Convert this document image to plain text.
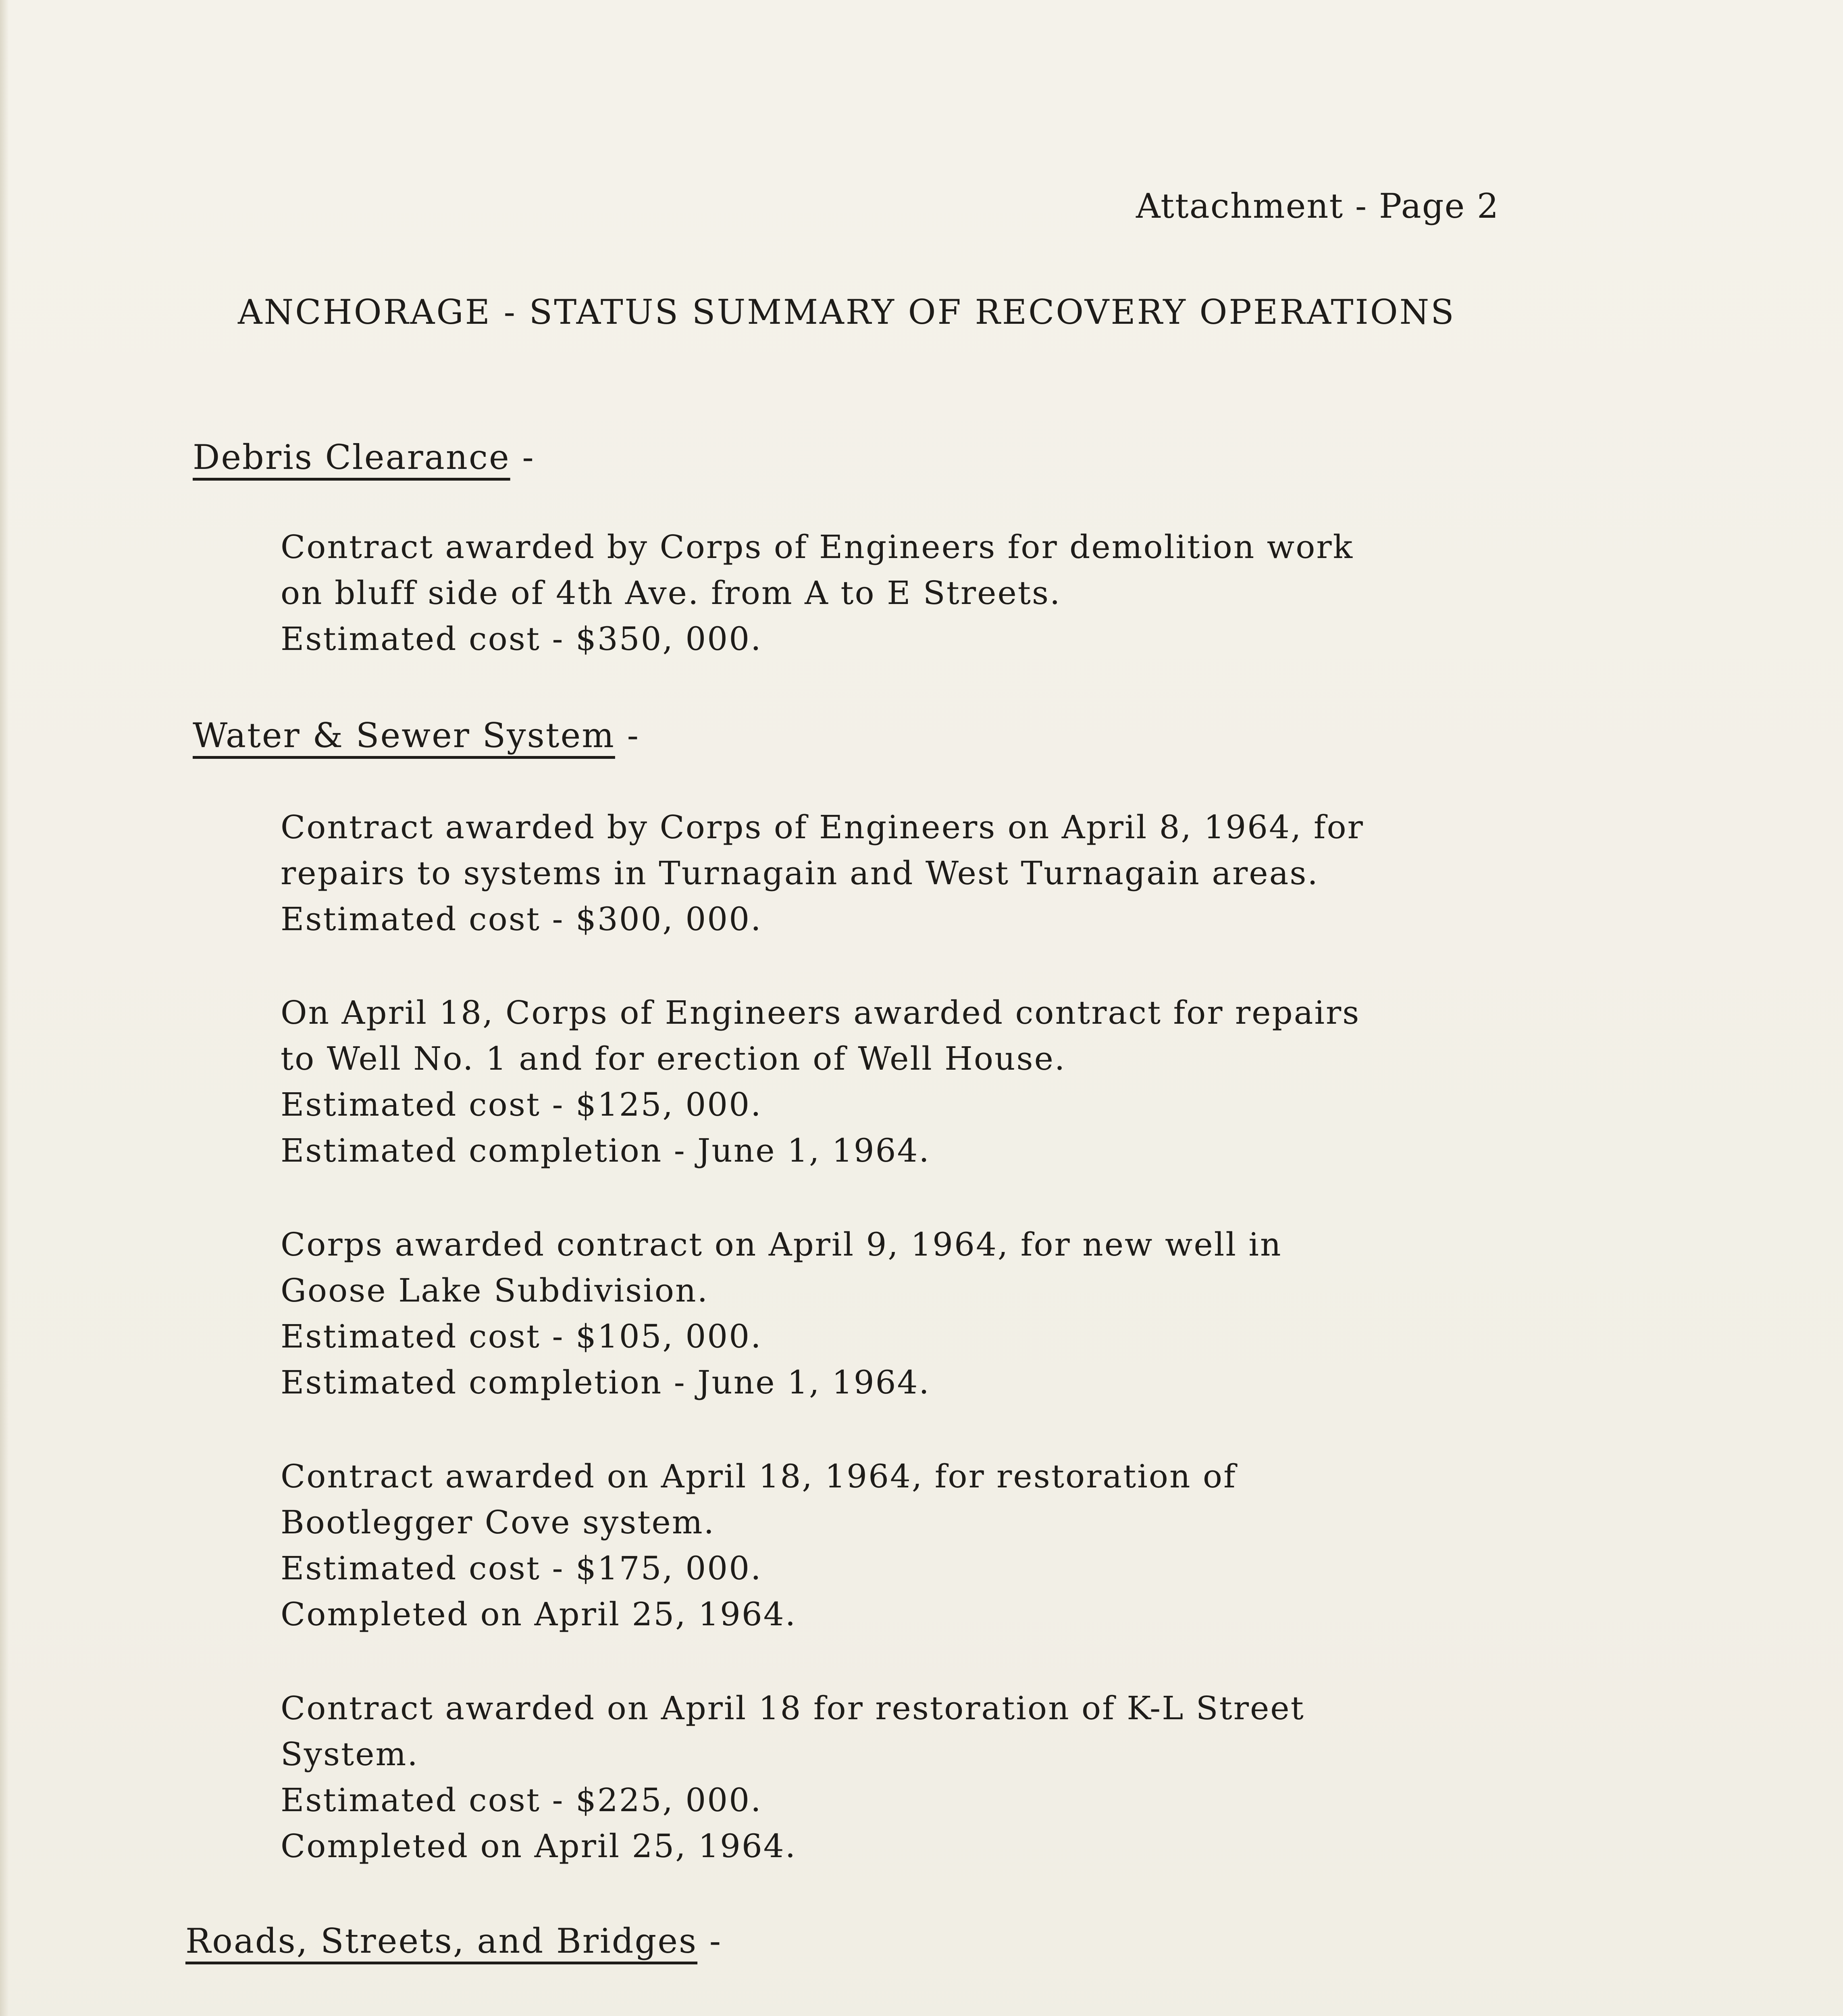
Attachment - Page 2
ANCHORAGE - STATUS SUMMARY OF RECOVERY OPERATIONS
Debris Clearance -
Contract awarded by Corps of Engineers for demolition work
on bluff side of 4th Ave. from A to E Streets.
Estimated cost - $350, 000.
Water & Sewer System -
Contract awarded by Corps of Engineers on April 8, 1964, for
repairs to systems in Turnagain and West Turnagain areas.
Estimated cost - $300, 000.
On April 18, Corps of Engineers awarded contract for repairs
to Well No. 1 and for erection of Well House.
Estimated cost - $125, 000.
Estimated completion - June 1, 1964.
Corps awarded contract on April 9, 1964, for new well in
Goose Lake Subdivision.
Estimated cost - $105, 000.
Estimated completion - June 1, 1964.
Contract awarded on April 18, 1964, for restoration of
Bootlegger Cove system.
Estimated cost - $175, 000.
Completed on April 25, 1964.
Contract awarded on April 18 for restoration of K-L Street
System.
Estimated cost - $225, 000.
Completed on April 25, 1964.
Roads, Streets, and Bridges -
